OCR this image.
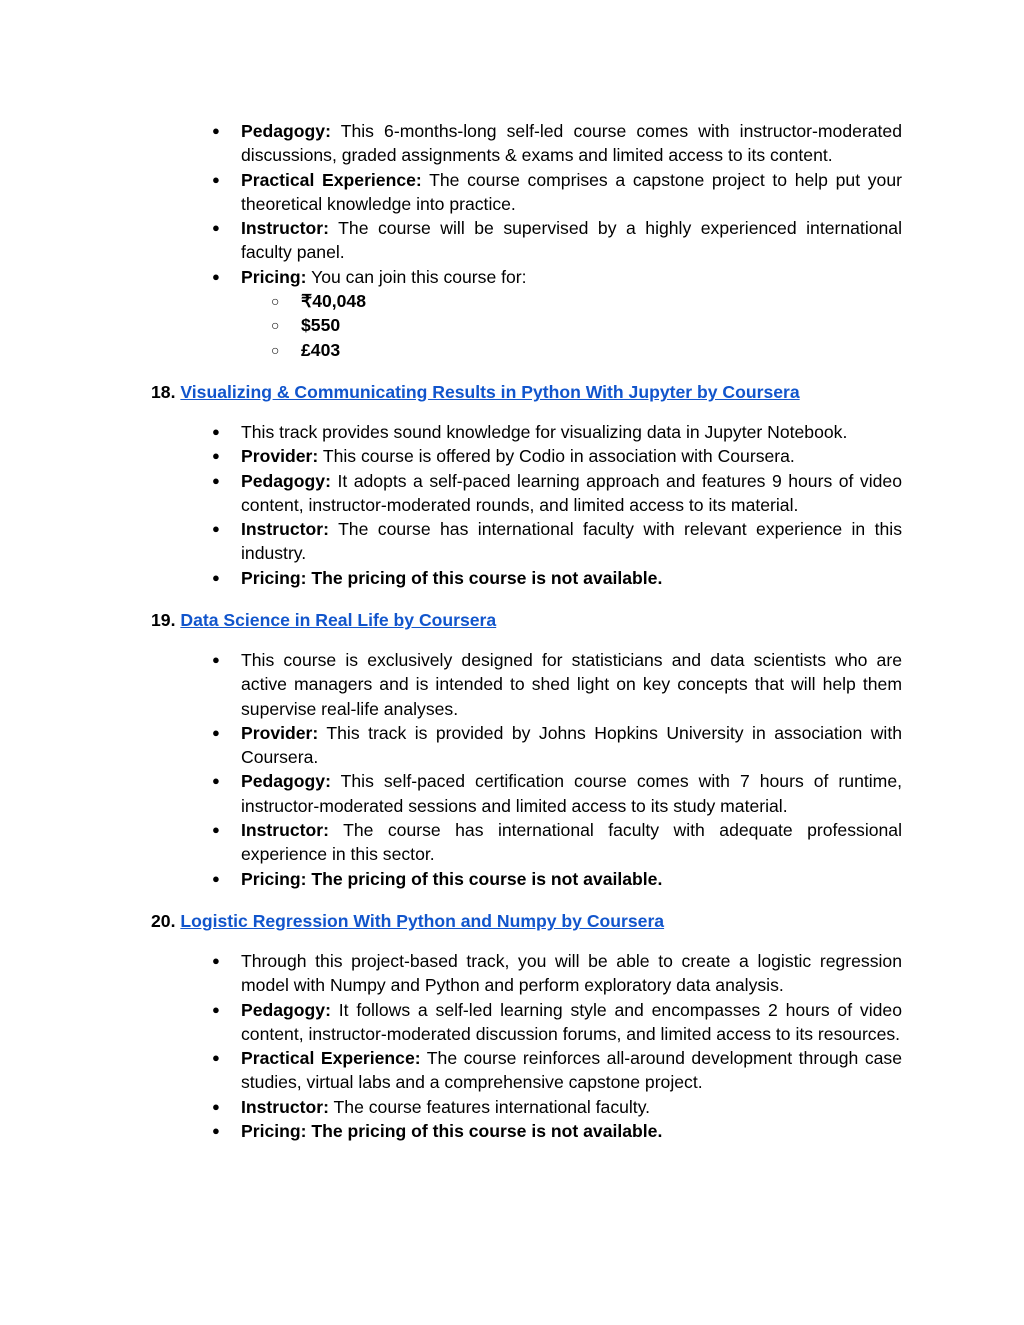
● Pedagogy: This 6-months-long self-led course comes with instructor-moderated discussions, graded assignments & exams and limited access to its content.
● Practical Experience: The course comprises a capstone project to help put your theoretical knowledge into practice.
● Instructor: The course will be supervised by a highly experienced international faculty panel.
● Pricing: You can join this course for:
○ ₹40,048
○ $550
○ £403
18. Visualizing & Communicating Results in Python With Jupyter by Coursera
● This track provides sound knowledge for visualizing data in Jupyter Notebook.
● Provider: This course is offered by Codio in association with Coursera.
● Pedagogy: It adopts a self-paced learning approach and features 9 hours of video content, instructor-moderated rounds, and limited access to its material.
● Instructor: The course has international faculty with relevant experience in this industry.
● Pricing: The pricing of this course is not available.
19. Data Science in Real Life by Coursera
● This course is exclusively designed for statisticians and data scientists who are active managers and is intended to shed light on key concepts that will help them supervise real-life analyses.
● Provider: This track is provided by Johns Hopkins University in association with Coursera.
● Pedagogy: This self-paced certification course comes with 7 hours of runtime, instructor-moderated sessions and limited access to its study material.
● Instructor: The course has international faculty with adequate professional experience in this sector.
● Pricing: The pricing of this course is not available.
20. Logistic Regression With Python and Numpy by Coursera
● Through this project-based track, you will be able to create a logistic regression model with Numpy and Python and perform exploratory data analysis.
● Pedagogy: It follows a self-led learning style and encompasses 2 hours of video content, instructor-moderated discussion forums, and limited access to its resources.
● Practical Experience: The course reinforces all-around development through case studies, virtual labs and a comprehensive capstone project.
● Instructor: The course features international faculty.
● Pricing: The pricing of this course is not available.
